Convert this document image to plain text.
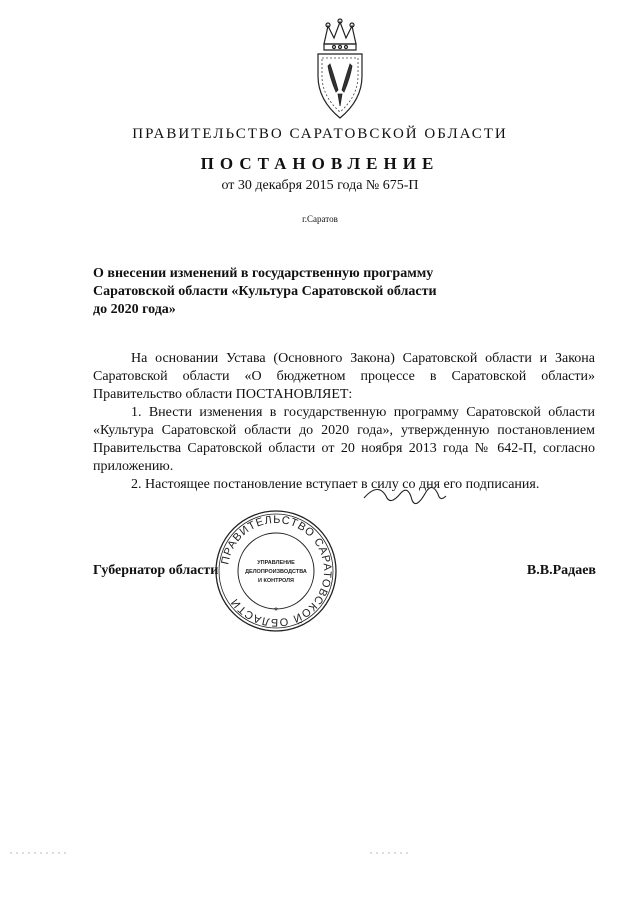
ПРАВИТЕЛЬСТВО САРАТОВСКОЙ ОБЛАСТИ
ПОСТАНОВЛЕНИЕ
от 30 декабря 2015 года № 675-П
г.Саратов
О внесении изменений в государственную программу
Саратовской области «Культура Саратовской области
до 2020 года»

На основании Устава (Основного Закона) Саратовской области и Закона Саратовской области «О бюджетном процессе в Саратовской области» Правительство области ПОСТАНОВЛЯЕТ:

1. Внести изменения в государственную программу Саратовской области «Культура Саратовской области до 2020 года», утвержденную постановлением Правительства Саратовской области от 20 ноября 2013 года № 642-П, согласно приложению.

2. Настоящее постановление вступает в силу со дня его подписания.

Губернатор области	В.В.Радаев
ПРАВИТЕЛЬСТВО САРАТОВСКОЙ ОБЛАСТИ
*
УПРАВЛЕНИЕ
ДЕЛОПРОИЗВОДСТВА
И КОНТРОЛЯ
